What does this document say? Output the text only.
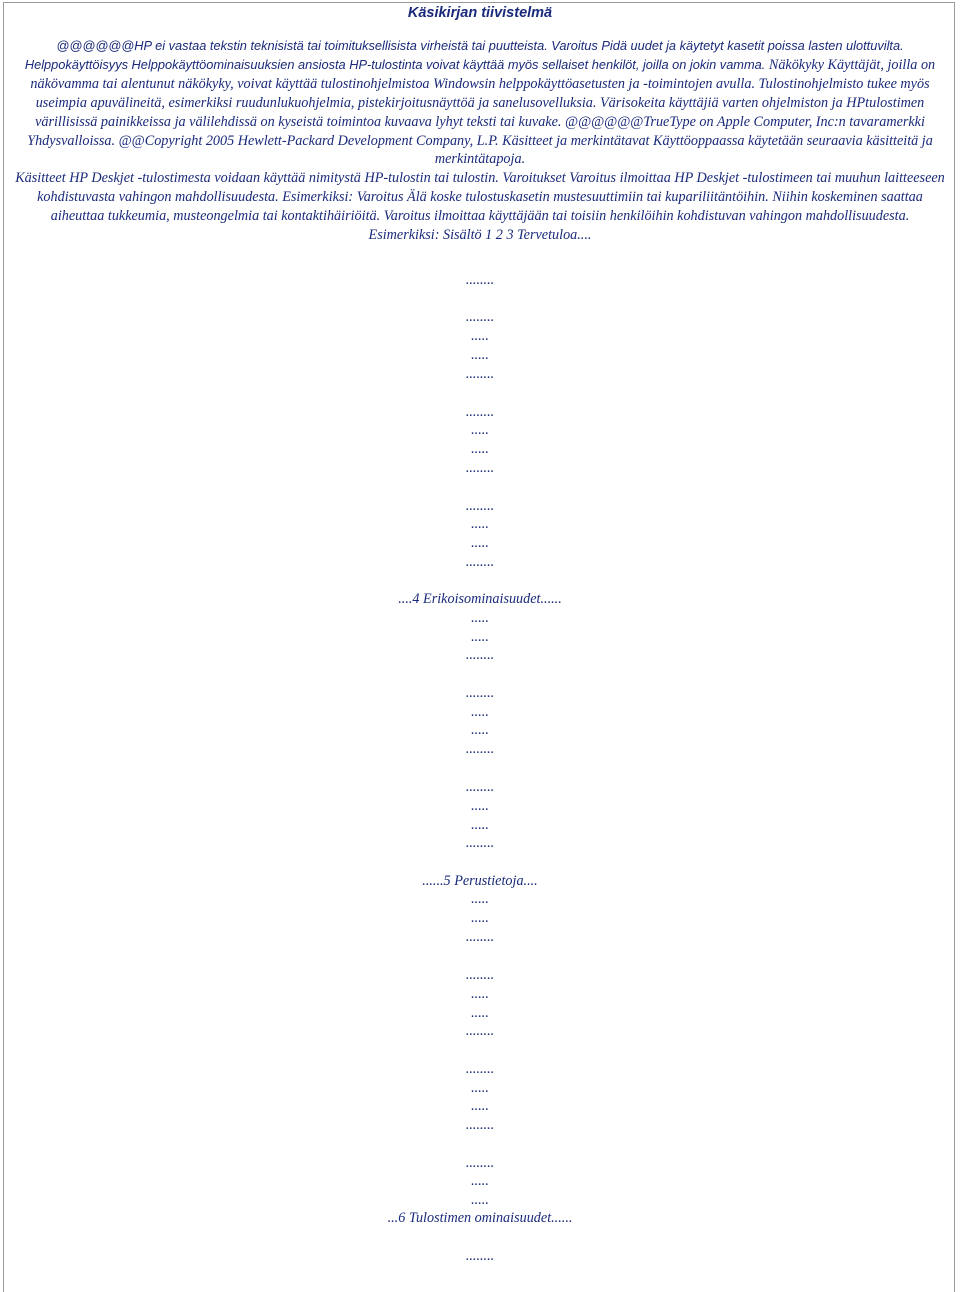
Käsikirjan tiivistelmä

@@@@@@HP ei vastaa tekstin teknisistä tai toimituksellisista virheistä tai puutteista. Varoitus Pidä uudet ja käytetyt kasetit poissa lasten ulottuvilta. Helppokäyttöisyys Helppokäyttöominaisuuksien ansiosta HP-tulostinta voivat käyttää myös sellaiset henkilöt, joilla on jokin vamma. Näkökyky Käyttäjät, joilla on näkövamma tai alentunut näkökyky, voivat käyttää tulostinohjelmistoa Windowsin helppokäyttöasetusten ja -toimintojen avulla. Tulostinohjelmisto tukee myös useimpia apuvälineitä, esimerkiksi ruudunlukuohjelmia, pistekirjoitusnäyttöä ja sanelusovelluksia. Värisokeita käyttäjiä varten ohjelmiston ja HPtulostimen värillisissä painikkeissa ja välilehdissä on kyseistä toimintoa kuvaava lyhyt teksti tai kuvake. @@@@@@TrueType on Apple Computer, Inc:n tavaramerkki Yhdysvalloissa. @@Copyright 2005 Hewlett-Packard Development Company, L.P. Käsitteet ja merkintätavat Käyttöoppaassa käytetään seuraavia käsitteitä ja merkintätapoja.

Käsitteet HP Deskjet -tulostimesta voidaan käyttää nimitystä HP-tulostin tai tulostin. Varoitukset Varoitus ilmoittaa HP Deskjet -tulostimeen tai muuhun laitteeseen kohdistuvasta vahingon mahdollisuudesta. Esimerkiksi: Varoitus Älä koske tulostuskasetin mustesuuttimiin tai kupariliitäntöihin. Niihin koskeminen saattaa aiheuttaa tukkeumia, musteongelmia tai kontaktihäiriöitä. Varoitus ilmoittaa käyttäjään tai toisiin henkilöihin kohdistuvan vahingon mahdollisuudesta.

Esimerkiksi: Sisältö 1 2 3 Tervetuloa....

........
........
.....
.....
........
........
.....
.....
........
........
.....
.....
........
....4 Erikoisominaisuudet......
.....
.....
........
........
.....
.....
........
........
.....
.....
........
......5 Perustietoja....
.....
.....
........
........
.....
.....
........
........
.....
.....
........
........
.....
.....
...6 Tulostimen ominaisuudet......
........
